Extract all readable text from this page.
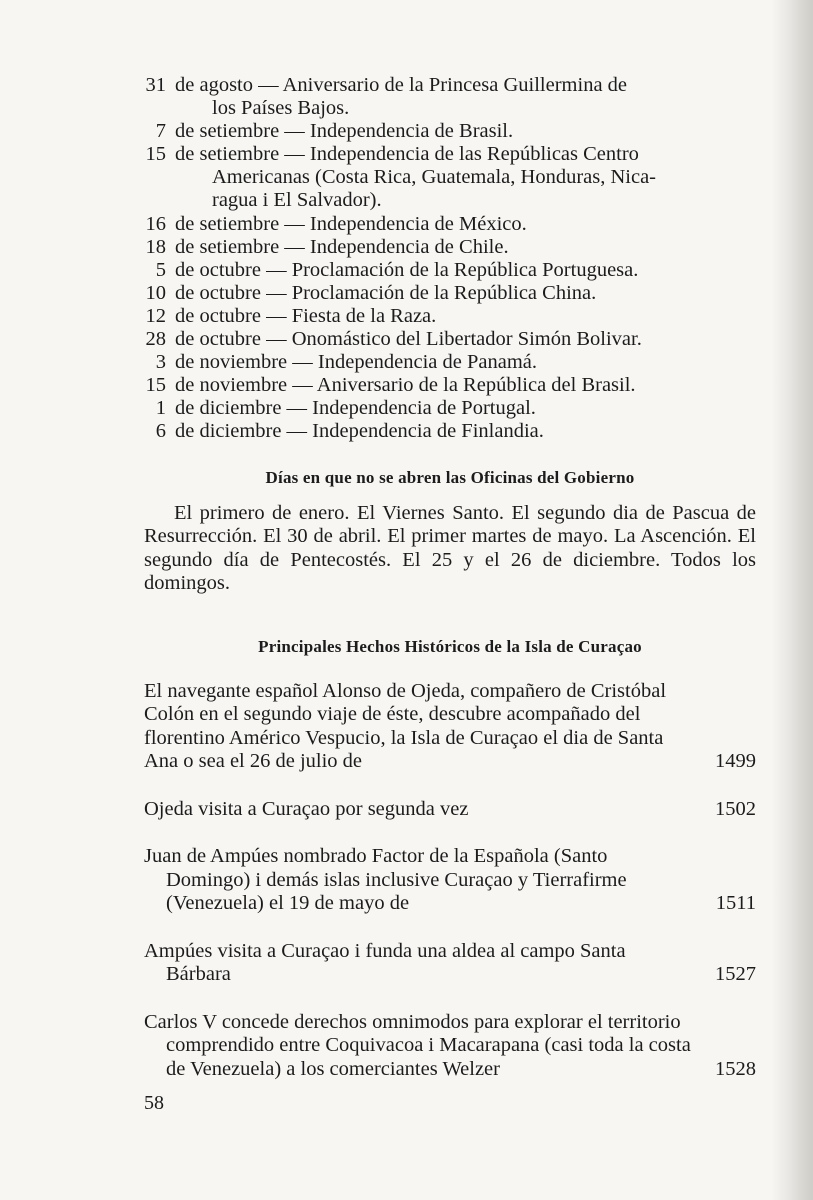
31 de agosto — Aniversario de la Princesa Guillermina de
los Países Bajos.
7 de setiembre — Independencia de Brasil.
15 de setiembre — Independencia de las Repúblicas Centro
Americanas (Costa Rica, Guatemala, Honduras, Nica-
ragua i El Salvador).
16 de setiembre — Independencia de México.
18 de setiembre — Independencia de Chile.
5 de octubre — Proclamación de la República Portuguesa.
10 de octubre — Proclamación de la República China.
12 de octubre — Fiesta de la Raza.
28 de octubre — Onomástico del Libertador Simón Bolivar.
3 de noviembre — Independencia de Panamá.
15 de noviembre — Aniversario de la República del Brasil.
1 de diciembre — Independencia de Portugal.
6 de diciembre — Independencia de Finlandia.
Días en que no se abren las Oficinas del Gobierno
El primero de enero. El Viernes Santo. El segundo dia de Pascua de Resurrección. El 30 de abril. El primer martes de mayo. La Ascención. El segundo día de Pentecostés. El 25 y el 26 de diciembre. Todos los domingos.
Principales Hechos Históricos de la Isla de Curaçao
El navegante español Alonso de Ojeda, compañero de Cristóbal Colón en el segundo viaje de éste, descubre acompañado del florentino Américo Vespucio, la Isla de Curaçao el dia de Santa Ana o sea el 26 de julio de	1499
Ojeda visita a Curaçao por segunda vez	1502
Juan de Ampúes nombrado Factor de la Española (Santo Domingo) i demás islas inclusive Curaçao y Tierrafirme (Venezuela) el 19 de mayo de	1511
Ampúes visita a Curaçao i funda una aldea al campo Santa Bárbara	1527
Carlos V concede derechos omnimodos para explorar el territorio comprendido entre Coquivacoa i Macarapana (casi toda la costa de Venezuela) a los comerciantes Welzer	1528
58
